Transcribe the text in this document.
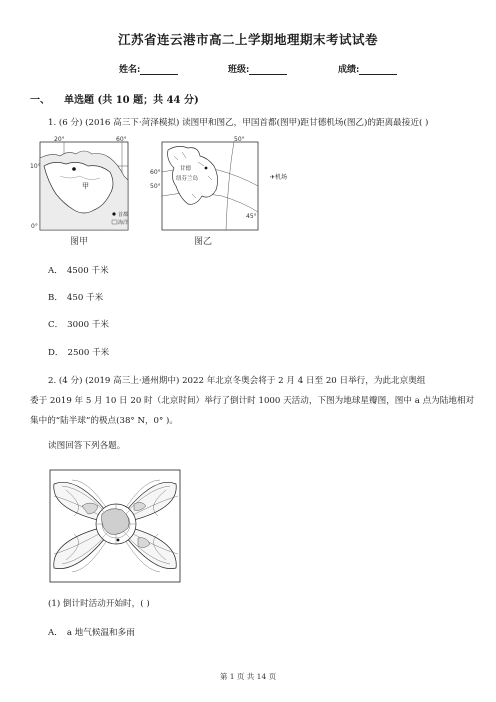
江苏省连云港市高二上学期地理期末考试试卷
姓名:	班级:	成绩:
一、 单选题 (共 10 题；共 44 分)
1. (6 分) (2016 高三下·菏泽模拟) 读图甲和图乙，甲国首都(图甲)距甘德机场(图乙)的距离最接近( )
20°	60°
10°
0°
甲
首都
海洋
图甲
甘德
纽芬兰岛
50°
60°
50°
45°
✈机场
图乙
A． 4500 千米
B． 450 千米
C． 3000 千米
D． 2500 千米
2. (4 分) (2019 高三上·通州期中) 2022 年北京冬奥会将于 2 月 4 日至 20 日举行，为此北京奥组
委于 2019 年 5 月 10 日 20 时（北京时间）举行了倒计时 1000 天活动，下图为地球星瓣图，图中 a 点为陆地相对
集中的“陆半球”的极点(38° N，0° )。
读图回答下列各题。
(1) 倒计时活动开始时，( )
A． a 地气候温和多雨
第 1 页 共 14 页
